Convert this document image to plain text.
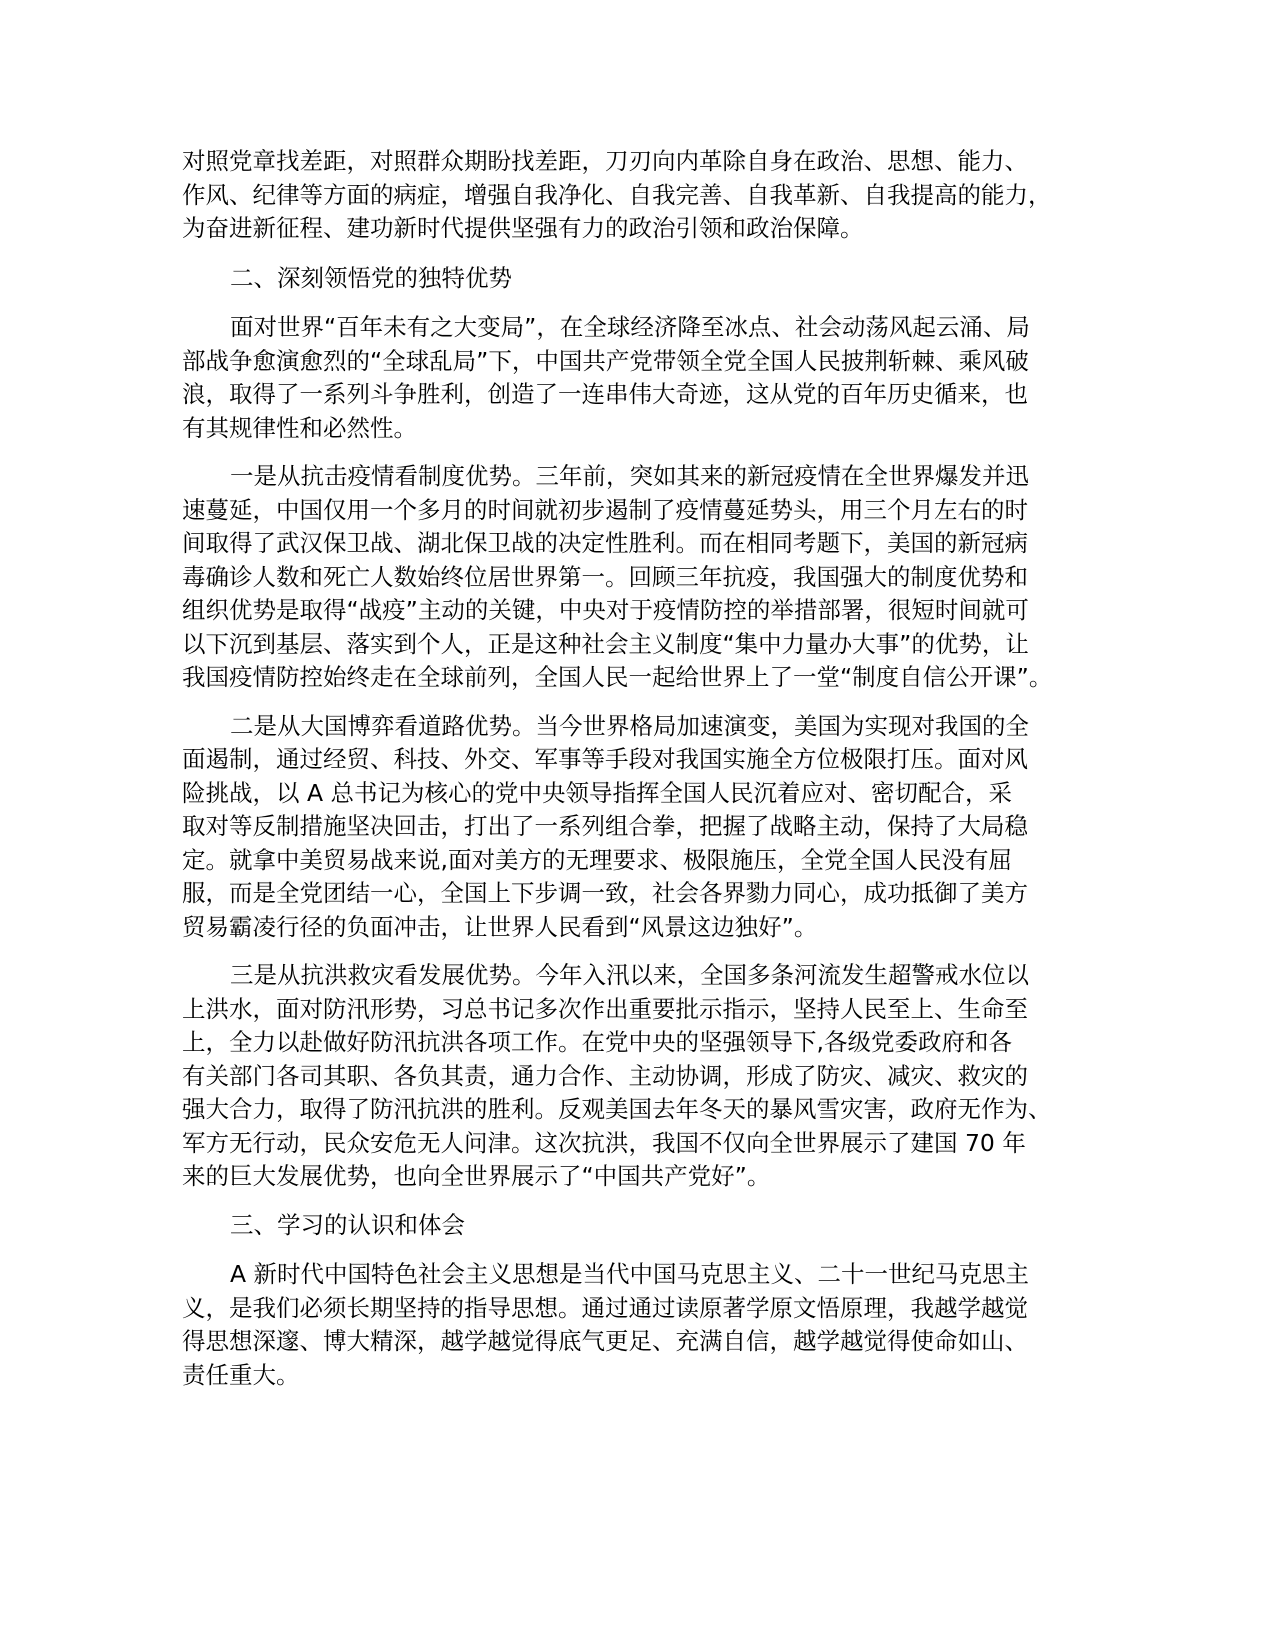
对照党章找差距，对照群众期盼找差距，刀刃向内革除自身在政治、思想、能力、
作风、纪律等方面的病症，增强自我净化、自我完善、自我革新、自我提高的能力，
为奋进新征程、建功新时代提供坚强有力的政治引领和政治保障。
二、深刻领悟党的独特优势
面对世界“百年未有之大变局”，在全球经济降至冰点、社会动荡风起云涌、局
部战争愈演愈烈的“全球乱局”下，中国共产党带领全党全国人民披荆斩棘、乘风破
浪，取得了一系列斗争胜利，创造了一连串伟大奇迹，这从党的百年历史循来，也
有其规律性和必然性。
一是从抗击疫情看制度优势。三年前，突如其来的新冠疫情在全世界爆发并迅
速蔓延，中国仅用一个多月的时间就初步遏制了疫情蔓延势头，用三个月左右的时
间取得了武汉保卫战、湖北保卫战的决定性胜利。而在相同考题下，美国的新冠病
毒确诊人数和死亡人数始终位居世界第一。回顾三年抗疫，我国强大的制度优势和
组织优势是取得“战疫”主动的关键，中央对于疫情防控的举措部署，很短时间就可
以下沉到基层、落实到个人，正是这种社会主义制度“集中力量办大事”的优势，让
我国疫情防控始终走在全球前列，全国人民一起给世界上了一堂“制度自信公开课”。
二是从大国博弈看道路优势。当今世界格局加速演变，美国为实现对我国的全
面遏制，通过经贸、科技、外交、军事等手段对我国实施全方位极限打压。面对风
险挑战，以 A 总书记为核心的党中央领导指挥全国人民沉着应对、密切配合，采
取对等反制措施坚决回击，打出了一系列组合拳，把握了战略主动，保持了大局稳
定。就拿中美贸易战来说,面对美方的无理要求、极限施压，全党全国人民没有屈
服，而是全党团结一心，全国上下步调一致，社会各界勠力同心，成功抵御了美方
贸易霸凌行径的负面冲击，让世界人民看到“风景这边独好”。
三是从抗洪救灾看发展优势。今年入汛以来，全国多条河流发生超警戒水位以
上洪水，面对防汛形势，习总书记多次作出重要批示指示，坚持人民至上、生命至
上，全力以赴做好防汛抗洪各项工作。在党中央的坚强领导下,各级党委政府和各
有关部门各司其职、各负其责，通力合作、主动协调，形成了防灾、减灾、救灾的
强大合力，取得了防汛抗洪的胜利。反观美国去年冬天的暴风雪灾害，政府无作为、
军方无行动，民众安危无人问津。这次抗洪，我国不仅向全世界展示了建国 70 年
来的巨大发展优势，也向全世界展示了“中国共产党好”。
三、学习的认识和体会
A 新时代中国特色社会主义思想是当代中国马克思主义、二十一世纪马克思主
义，是我们必须长期坚持的指导思想。通过通过读原著学原文悟原理，我越学越觉
得思想深邃、博大精深，越学越觉得底气更足、充满自信，越学越觉得使命如山、
责任重大。
